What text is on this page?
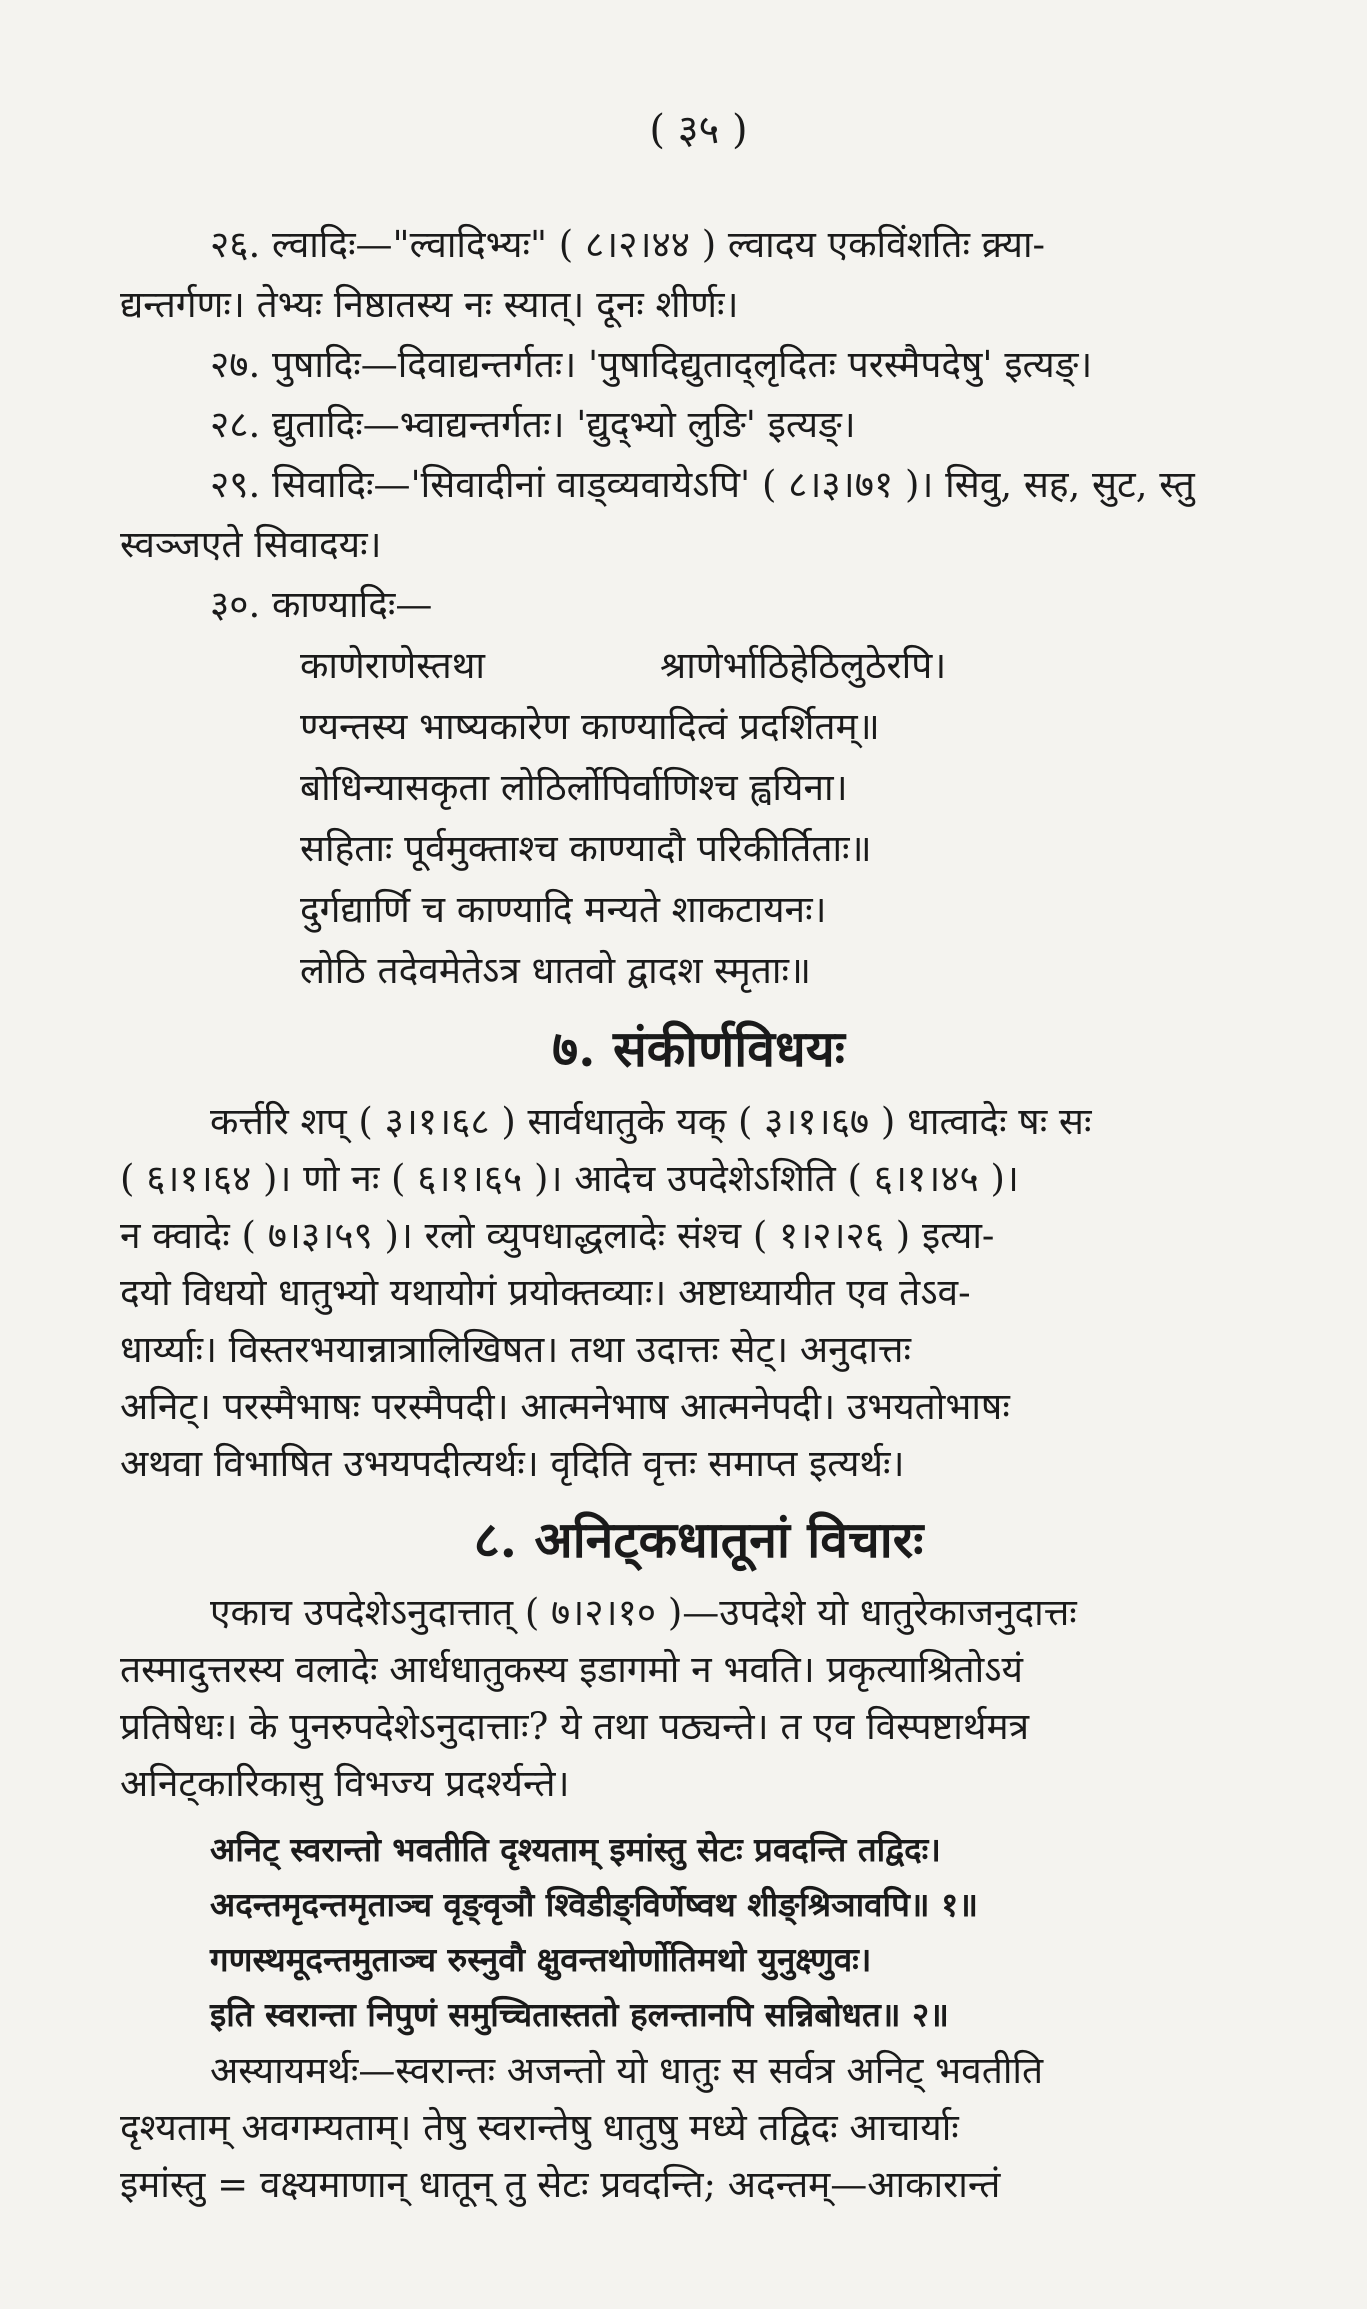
( ३५ )

२६. ल्वादिः—"ल्वादिभ्यः" ( ८।२।४४ ) ल्वादय एकविंशतिः क्र्या-

द्यन्तर्गणः। तेभ्यः निष्ठातस्य नः स्यात्। दूनः शीर्णः।

२७. पुषादिः—दिवाद्यन्तर्गतः। 'पुषादिद्युताद्लृदितः परस्मैपदेषु' इत्यङ्।

२८. द्युतादिः—भ्वाद्यन्तर्गतः। 'द्युद्भ्यो लुङि' इत्यङ्।

२९. सिवादिः—'सिवादीनां वाड्व्यवायेऽपि' ( ८।३।७१ )। सिवु, सह, सुट, स्तु

स्वञ्जएते सिवादयः।

३०. काण्यादिः—

काणेराणेस्तथा	श्राणेर्भाठिहेठिलुठेरपि।

ण्यन्तस्य भाष्यकारेण काण्यादित्वं प्रदर्शितम्॥

बोधिन्यासकृता लोठिर्लोपिर्वाणिश्च ह्वयिना।

सहिताः पूर्वमुक्ताश्च काण्यादौ परिकीर्तिताः॥

दुर्गद्यार्णि च काण्यादि मन्यते शाकटायनः।

लोठि तदेवमेतेऽत्र धातवो द्वादश स्मृताः॥

७. संकीर्णविधयः

कर्त्तरि शप् ( ३।१।६८ ) सार्वधातुके यक् ( ३।१।६७ ) धात्वादेः षः सः

( ६।१।६४ )। णो नः ( ६।१।६५ )। आदेच उपदेशेऽशिति ( ६।१।४५ )।

न क्वादेः ( ७।३।५९ )। रलो व्युपधाद्धलादेः संश्च ( १।२।२६ ) इत्या-

दयो विधयो धातुभ्यो यथायोगं प्रयोक्तव्याः। अष्टाध्यायीत एव तेऽव-

धार्य्याः। विस्तरभयान्नात्रालिखिषत। तथा उदात्तः सेट्। अनुदात्तः

अनिट्। परस्मैभाषः परस्मैपदी। आत्मनेभाष आत्मनेपदी। उभयतोभाषः

अथवा विभाषित उभयपदीत्यर्थः। वृदिति वृत्तः समाप्त इत्यर्थः।

८. अनिट्कधातूनां विचारः

एकाच उपदेशेऽनुदात्तात् ( ७।२।१० )—उपदेशे यो धातुरेकाजनुदात्तः

तस्मादुत्तरस्य वलादेः आर्धधातुकस्य इडागमो न भवति। प्रकृत्याश्रितोऽयं

प्रतिषेधः। के पुनरुपदेशेऽनुदात्ताः? ये तथा पठ्यन्ते। त एव विस्पष्टार्थमत्र

अनिट्कारिकासु विभज्य प्रदर्श्यन्ते।

अनिट् स्वरान्तो भवतीति दृश्यताम् इमांस्तु सेटः प्रवदन्ति तद्विदः।

अदन्तमृदन्तमृताञ्च वृङ्वृञौ श्विडीङ्विर्णेष्वथ शीङ्श्रिञावपि॥ १॥

गणस्थमूदन्तमुताञ्च रुस्नुवौ क्षुवन्तथोर्णोतिमथो युनुक्ष्णुवः।

इति स्वरान्ता निपुणं समुच्चितास्ततो हलन्तानपि सन्निबोधत॥ २॥

अस्यायमर्थः—स्वरान्तः अजन्तो यो धातुः स सर्वत्र अनिट् भवतीति

दृश्यताम् अवगम्यताम्। तेषु स्वरान्तेषु धातुषु मध्ये तद्विदः आचार्याः

इमांस्तु = वक्ष्यमाणान् धातून् तु सेटः प्रवदन्ति; अदन्तम्—आकारान्तं
